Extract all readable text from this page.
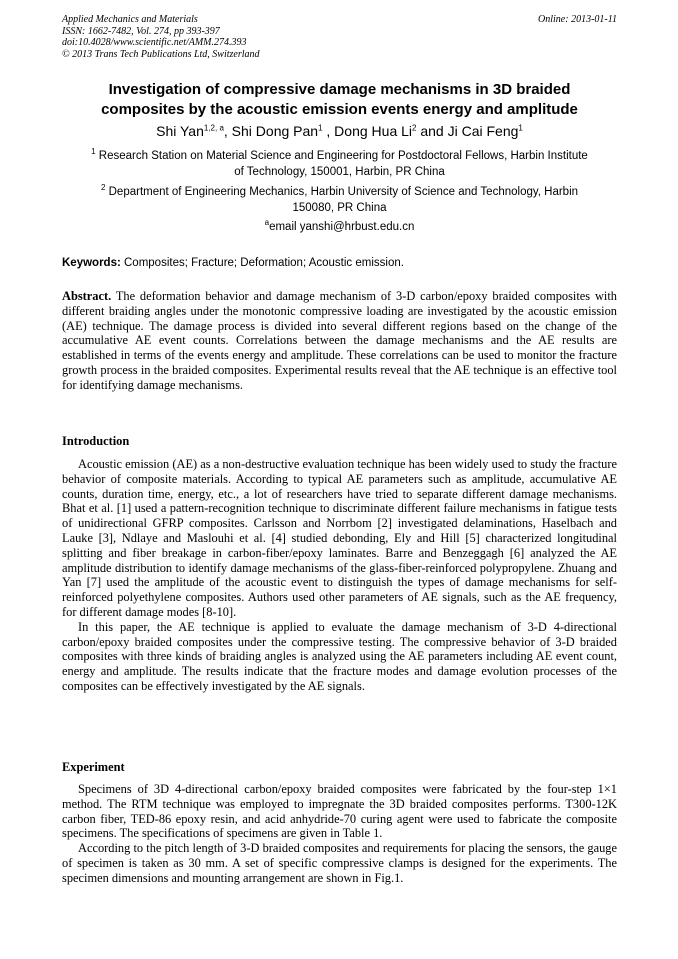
Applied Mechanics and Materials
ISSN: 1662-7482, Vol. 274, pp 393-397
doi:10.4028/www.scientific.net/AMM.274.393
© 2013 Trans Tech Publications Ltd, Switzerland
Online: 2013-01-11
Investigation of compressive damage mechanisms in 3D braided
composites by the acoustic emission events energy and amplitude
Shi Yan$^{1,2, a}$, Shi Dong Pan$^1$ , Dong Hua Li$^2$ and Ji Cai Feng$^1$
$^1$ Research Station on Material Science and Engineering for Postdoctoral Fellows, Harbin Institute
of Technology, 150001, Harbin, PR China
$^2$ Department of Engineering Mechanics, Harbin University of Science and Technology, Harbin
150080, PR China
$^a$email yanshi@hrbust.edu.cn
Keywords: Composites; Fracture; Deformation; Acoustic emission.
Abstract. The deformation behavior and damage mechanism of 3-D carbon/epoxy braided composites with different braiding angles under the monotonic compressive loading are investigated by the acoustic emission (AE) technique. The damage process is divided into several different regions based on the change of the accumulative AE event counts. Correlations between the damage mechanisms and the AE results are established in terms of the events energy and amplitude. These correlations can be used to monitor the fracture growth process in the braided composites. Experimental results reveal that the AE technique is an effective tool for identifying damage mechanisms.
Introduction

Acoustic emission (AE) as a non-destructive evaluation technique has been widely used to study the fracture behavior of composite materials. According to typical AE parameters such as amplitude, accumulative AE counts, duration time, energy, etc., a lot of researchers have tried to separate different damage mechanisms. Bhat et al. [1] used a pattern-recognition technique to discriminate different failure mechanisms in fatigue tests of unidirectional GFRP composites. Carlsson and Norrbom [2] investigated delaminations, Haselbach and Lauke [3], Ndlaye and Maslouhi et al. [4] studied debonding, Ely and Hill [5] characterized longitudinal splitting and fiber breakage in carbon-fiber/epoxy laminates. Barre and Benzeggagh [6] analyzed the AE amplitude distribution to identify damage mechanisms of the glass-fiber-reinforced polypropylene. Zhuang and Yan [7] used the amplitude of the acoustic event to distinguish the types of damage mechanisms for self-reinforced polyethylene composites. Authors used other parameters of AE signals, such as the AE frequency, for different damage modes [8-10].

In this paper, the AE technique is applied to evaluate the damage mechanism of 3-D 4-directional carbon/epoxy braided composites under the compressive testing. The compressive behavior of 3-D braided composites with three kinds of braiding angles is analyzed using the AE parameters including AE event count, energy and amplitude. The results indicate that the fracture modes and damage evolution processes of the composites can be effectively investigated by the AE signals.

Experiment

Specimens of 3D 4-directional carbon/epoxy braided composites were fabricated by the four-step 1×1 method. The RTM technique was employed to impregnate the 3D braided composites performs. T300-12K carbon fiber, TED-86 epoxy resin, and acid anhydride-70 curing agent were used to fabricate the composite specimens. The specifications of specimens are given in Table 1.

According to the pitch length of 3-D braided composites and requirements for placing the sensors, the gauge of specimen is taken as 30 mm. A set of specific compressive clamps is designed for the experiments. The specimen dimensions and mounting arrangement are shown in Fig.1.
